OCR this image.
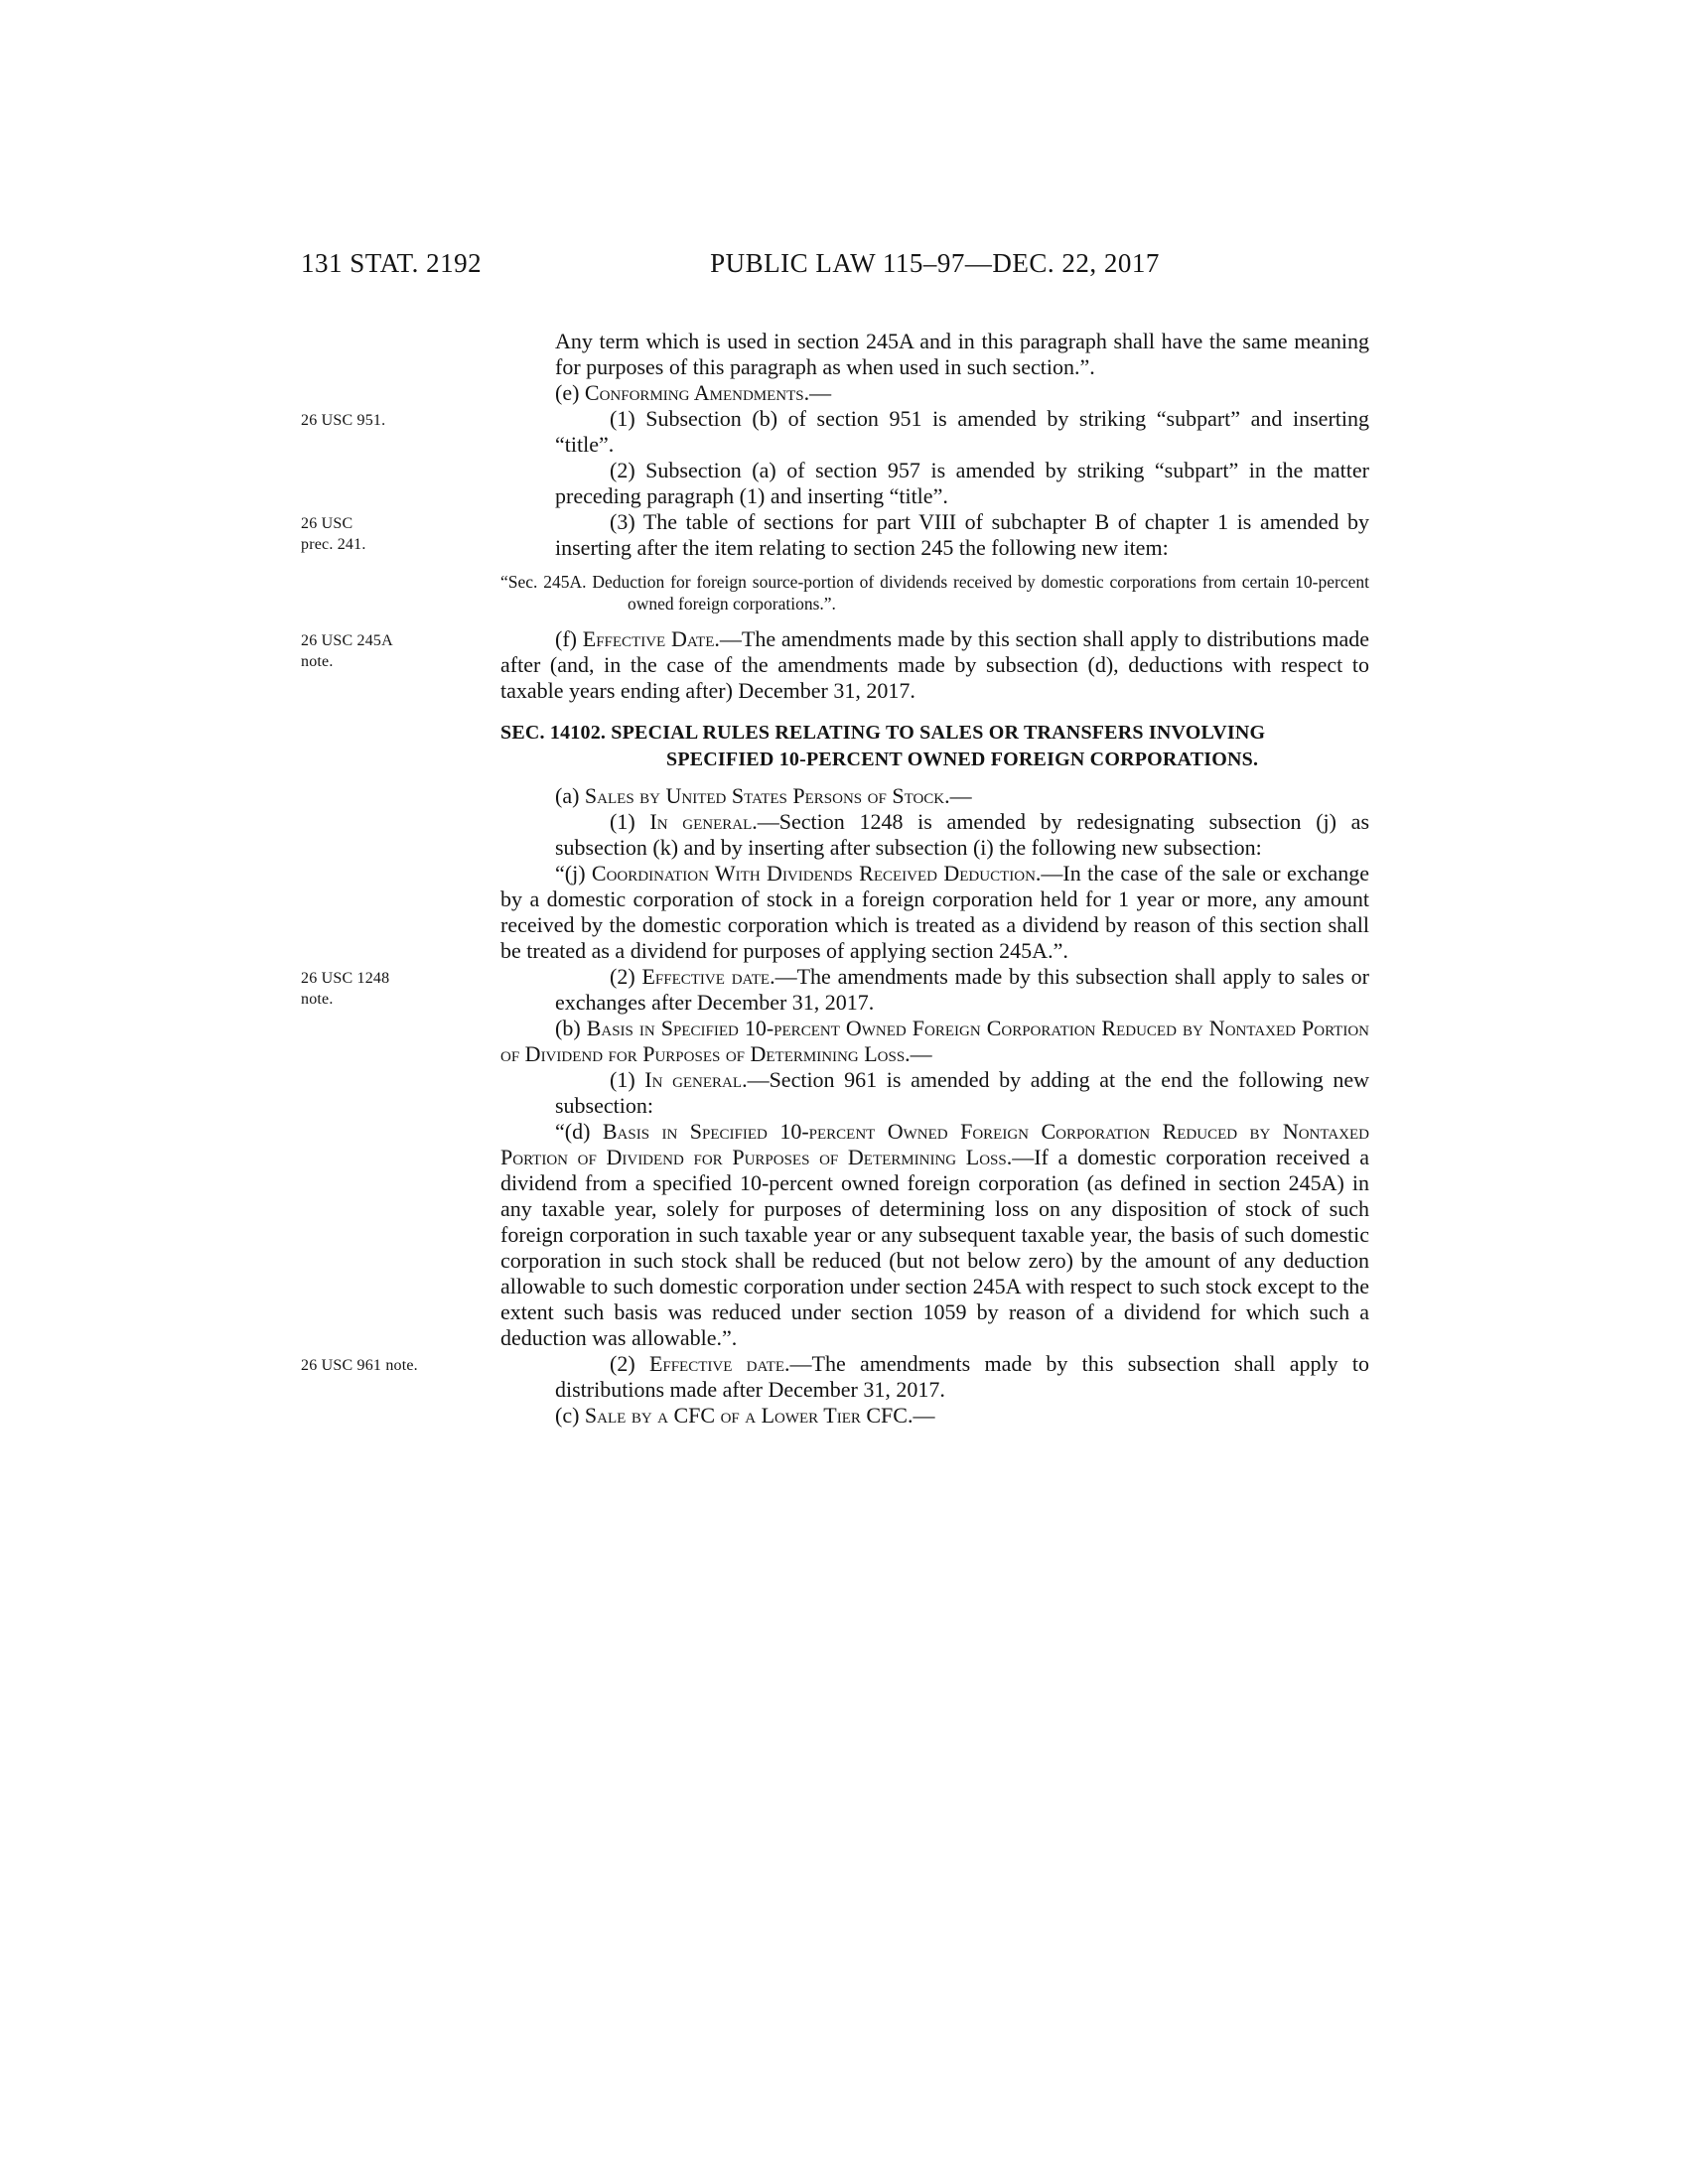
131 STAT. 2192	PUBLIC LAW 115–97—DEC. 22, 2017
Any term which is used in section 245A and in this paragraph shall have the same meaning for purposes of this paragraph as when used in such section.”.
(e) Conforming Amendments.—
26 USC 951.	(1) Subsection (b) of section 951 is amended by striking “subpart” and inserting “title”.
(2) Subsection (a) of section 957 is amended by striking “subpart” in the matter preceding paragraph (1) and inserting “title”.
26 USC
prec. 241.
(3) The table of sections for part VIII of subchapter B of chapter 1 is amended by inserting after the item relating to section 245 the following new item:
“Sec. 245A. Deduction for foreign source-portion of dividends received by domestic corporations from certain 10-percent owned foreign corporations.”.
26 USC 245A
note.
(f) Effective Date.—The amendments made by this section shall apply to distributions made after (and, in the case of the amendments made by subsection (d), deductions with respect to taxable years ending after) December 31, 2017.
SEC. 14102. SPECIAL RULES RELATING TO SALES OR TRANSFERS INVOLVING SPECIFIED 10-PERCENT OWNED FOREIGN CORPORATIONS.
(a) Sales by United States Persons of Stock.—
(1) In general.—Section 1248 is amended by redesignating subsection (j) as subsection (k) and by inserting after subsection (i) the following new subsection:
“(j) Coordination With Dividends Received Deduction.—In the case of the sale or exchange by a domestic corporation of stock in a foreign corporation held for 1 year or more, any amount received by the domestic corporation which is treated as a dividend by reason of this section shall be treated as a dividend for purposes of applying section 245A.”.
26 USC 1248
note.
(2) Effective date.—The amendments made by this subsection shall apply to sales or exchanges after December 31, 2017.
(b) Basis in Specified 10-percent Owned Foreign Corporation Reduced by Nontaxed Portion of Dividend for Purposes of Determining Loss.—
(1) In general.—Section 961 is amended by adding at the end the following new subsection:
“(d) Basis in Specified 10-percent Owned Foreign Corporation Reduced by Nontaxed Portion of Dividend for Purposes of Determining Loss.—If a domestic corporation received a dividend from a specified 10-percent owned foreign corporation (as defined in section 245A) in any taxable year, solely for purposes of determining loss on any disposition of stock of such foreign corporation in such taxable year or any subsequent taxable year, the basis of such domestic corporation in such stock shall be reduced (but not below zero) by the amount of any deduction allowable to such domestic corporation under section 245A with respect to such stock except to the extent such basis was reduced under section 1059 by reason of a dividend for which such a deduction was allowable.”.
26 USC 961 note.	(2) Effective date.—The amendments made by this subsection shall apply to distributions made after December 31, 2017.
(c) Sale by a CFC of a Lower Tier CFC.—
